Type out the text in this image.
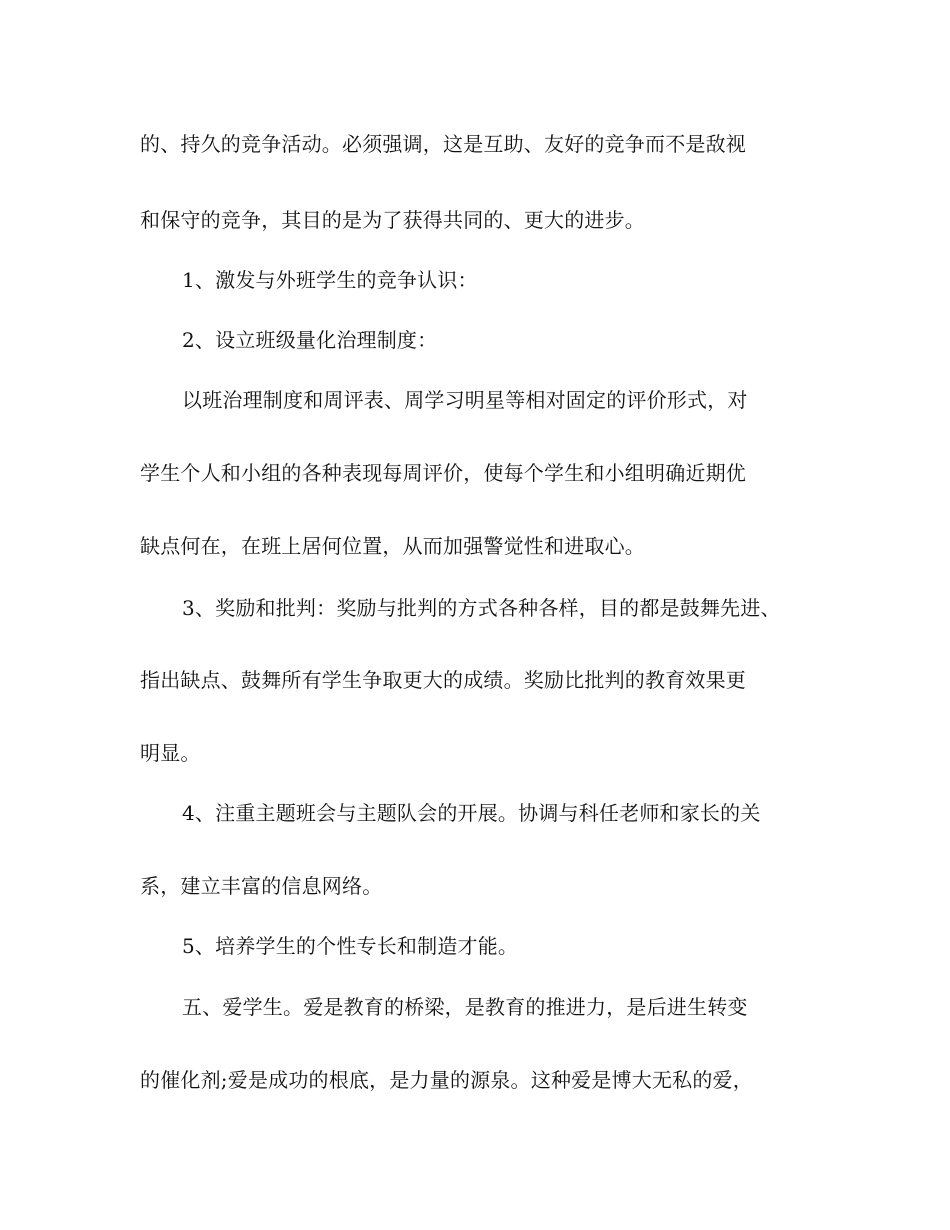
的、持久的竞争活动。必须强调，这是互助、友好的竞争而不是敌视
和保守的竞争，其目的是为了获得共同的、更大的进步。
1、激发与外班学生的竞争认识：
2、设立班级量化治理制度：
以班治理制度和周评表、周学习明星等相对固定的评价形式，对
学生个人和小组的各种表现每周评价，使每个学生和小组明确近期优
缺点何在，在班上居何位置，从而加强警觉性和进取心。
3、奖励和批判：奖励与批判的方式各种各样，目的都是鼓舞先进、
指出缺点、鼓舞所有学生争取更大的成绩。奖励比批判的教育效果更
明显。
4、注重主题班会与主题队会的开展。协调与科任老师和家长的关
系，建立丰富的信息网络。
5、培养学生的个性专长和制造才能。
五、爱学生。爱是教育的桥梁，是教育的推进力，是后进生转变
的催化剂;爱是成功的根底，是力量的源泉。这种爱是博大无私的爱，
